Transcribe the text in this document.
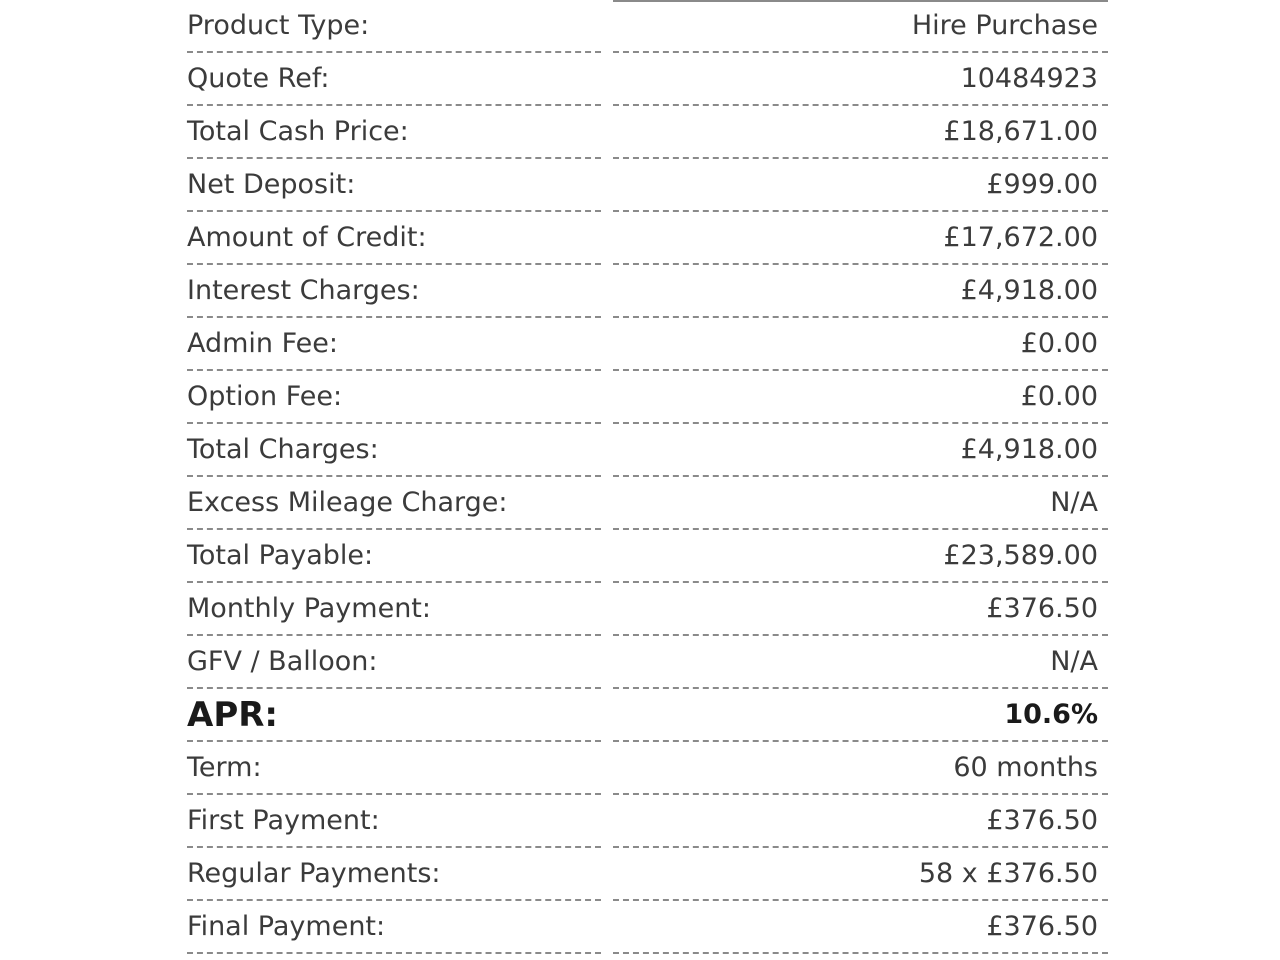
Product Type:	Hire Purchase
Quote Ref:	10484923
Total Cash Price:	£18,671.00
Net Deposit:	£999.00
Amount of Credit:	£17,672.00
Interest Charges:	£4,918.00
Admin Fee:	£0.00
Option Fee:	£0.00
Total Charges:	£4,918.00
Excess Mileage Charge:	N/A
Total Payable:	£23,589.00
Monthly Payment:	£376.50
GFV / Balloon:	N/A
APR:	10.6%
Term:	60 months
First Payment:	£376.50
Regular Payments:	58 x £376.50
Final Payment:	£376.50
